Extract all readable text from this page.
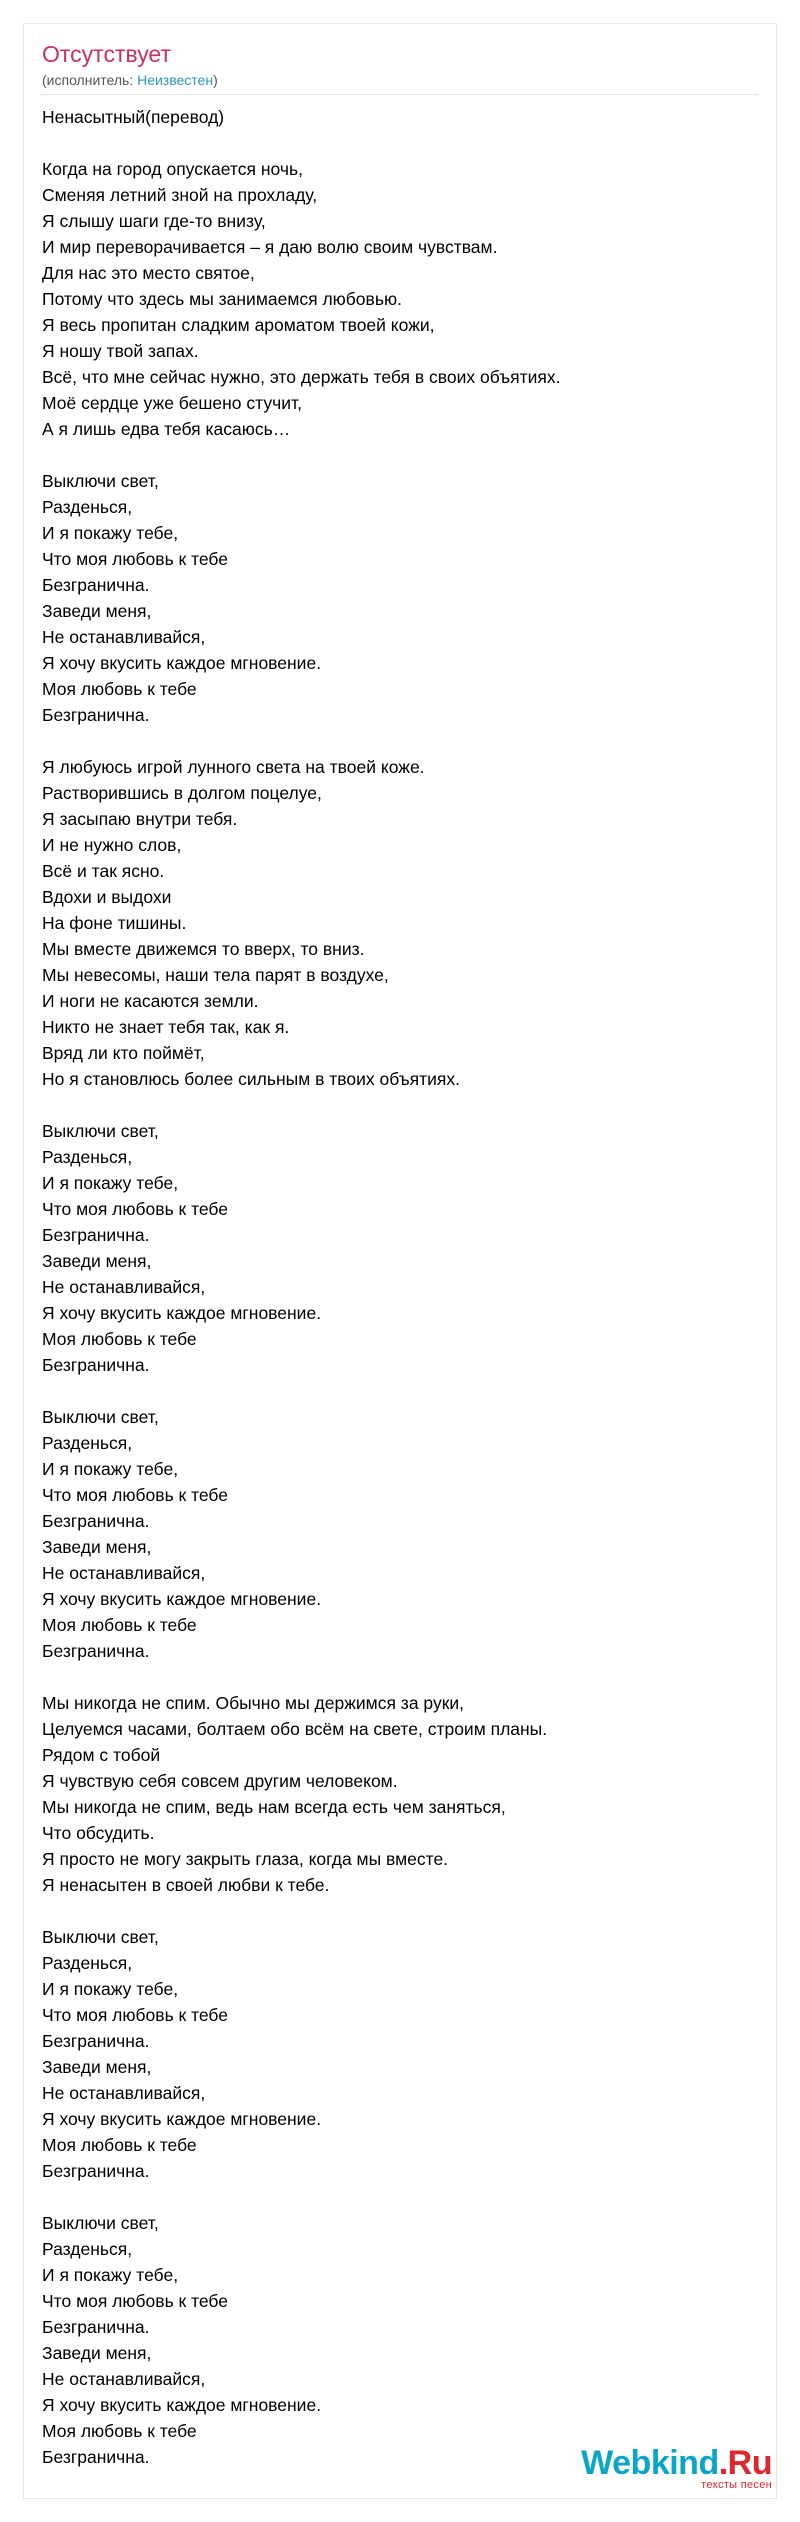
Отсутствует
(исполнитель: Неизвестен)
Ненасытный(перевод)
Когда на город опускается ночь,
Сменяя летний зной на прохладу,
Я слышу шаги где-то внизу,
И мир переворачивается – я даю волю своим чувствам.
Для нас это место святое,
Потому что здесь мы занимаемся любовью.
Я весь пропитан сладким ароматом твоей кожи,
Я ношу твой запах.
Всё, что мне сейчас нужно, это держать тебя в своих объятиях.
Моё сердце уже бешено стучит,
А я лишь едва тебя касаюсь…
Выключи свет,
Разденься,
И я покажу тебе,
Что моя любовь к тебе
Безгранична.
Заведи меня,
Не останавливайся,
Я хочу вкусить каждое мгновение.
Моя любовь к тебе
Безгранична.
Я любуюсь игрой лунного света на твоей коже.
Растворившись в долгом поцелуе,
Я засыпаю внутри тебя.
И не нужно слов,
Всё и так ясно.
Вдохи и выдохи
На фоне тишины.
Мы вместе движемся то вверх, то вниз.
Мы невесомы, наши тела парят в воздухе,
И ноги не касаются земли.
Никто не знает тебя так, как я.
Вряд ли кто поймёт,
Но я становлюсь более сильным в твоих объятиях.
Выключи свет,
Разденься,
И я покажу тебе,
Что моя любовь к тебе
Безгранична.
Заведи меня,
Не останавливайся,
Я хочу вкусить каждое мгновение.
Моя любовь к тебе
Безгранична.
Выключи свет,
Разденься,
И я покажу тебе,
Что моя любовь к тебе
Безгранична.
Заведи меня,
Не останавливайся,
Я хочу вкусить каждое мгновение.
Моя любовь к тебе
Безгранична.
Мы никогда не спим. Обычно мы держимся за руки,
Целуемся часами, болтаем обо всём на свете, строим планы.
Рядом с тобой
Я чувствую себя совсем другим человеком.
Мы никогда не спим, ведь нам всегда есть чем заняться,
Что обсудить.
Я просто не могу закрыть глаза, когда мы вместе.
Я ненасытен в своей любви к тебе.
Выключи свет,
Разденься,
И я покажу тебе,
Что моя любовь к тебе
Безгранична.
Заведи меня,
Не останавливайся,
Я хочу вкусить каждое мгновение.
Моя любовь к тебе
Безгранична.
Выключи свет,
Разденься,
И я покажу тебе,
Что моя любовь к тебе
Безгранична.
Заведи меня,
Не останавливайся,
Я хочу вкусить каждое мгновение.
Моя любовь к тебе
Безгранична.	Webkind.Ru
тексты песен
